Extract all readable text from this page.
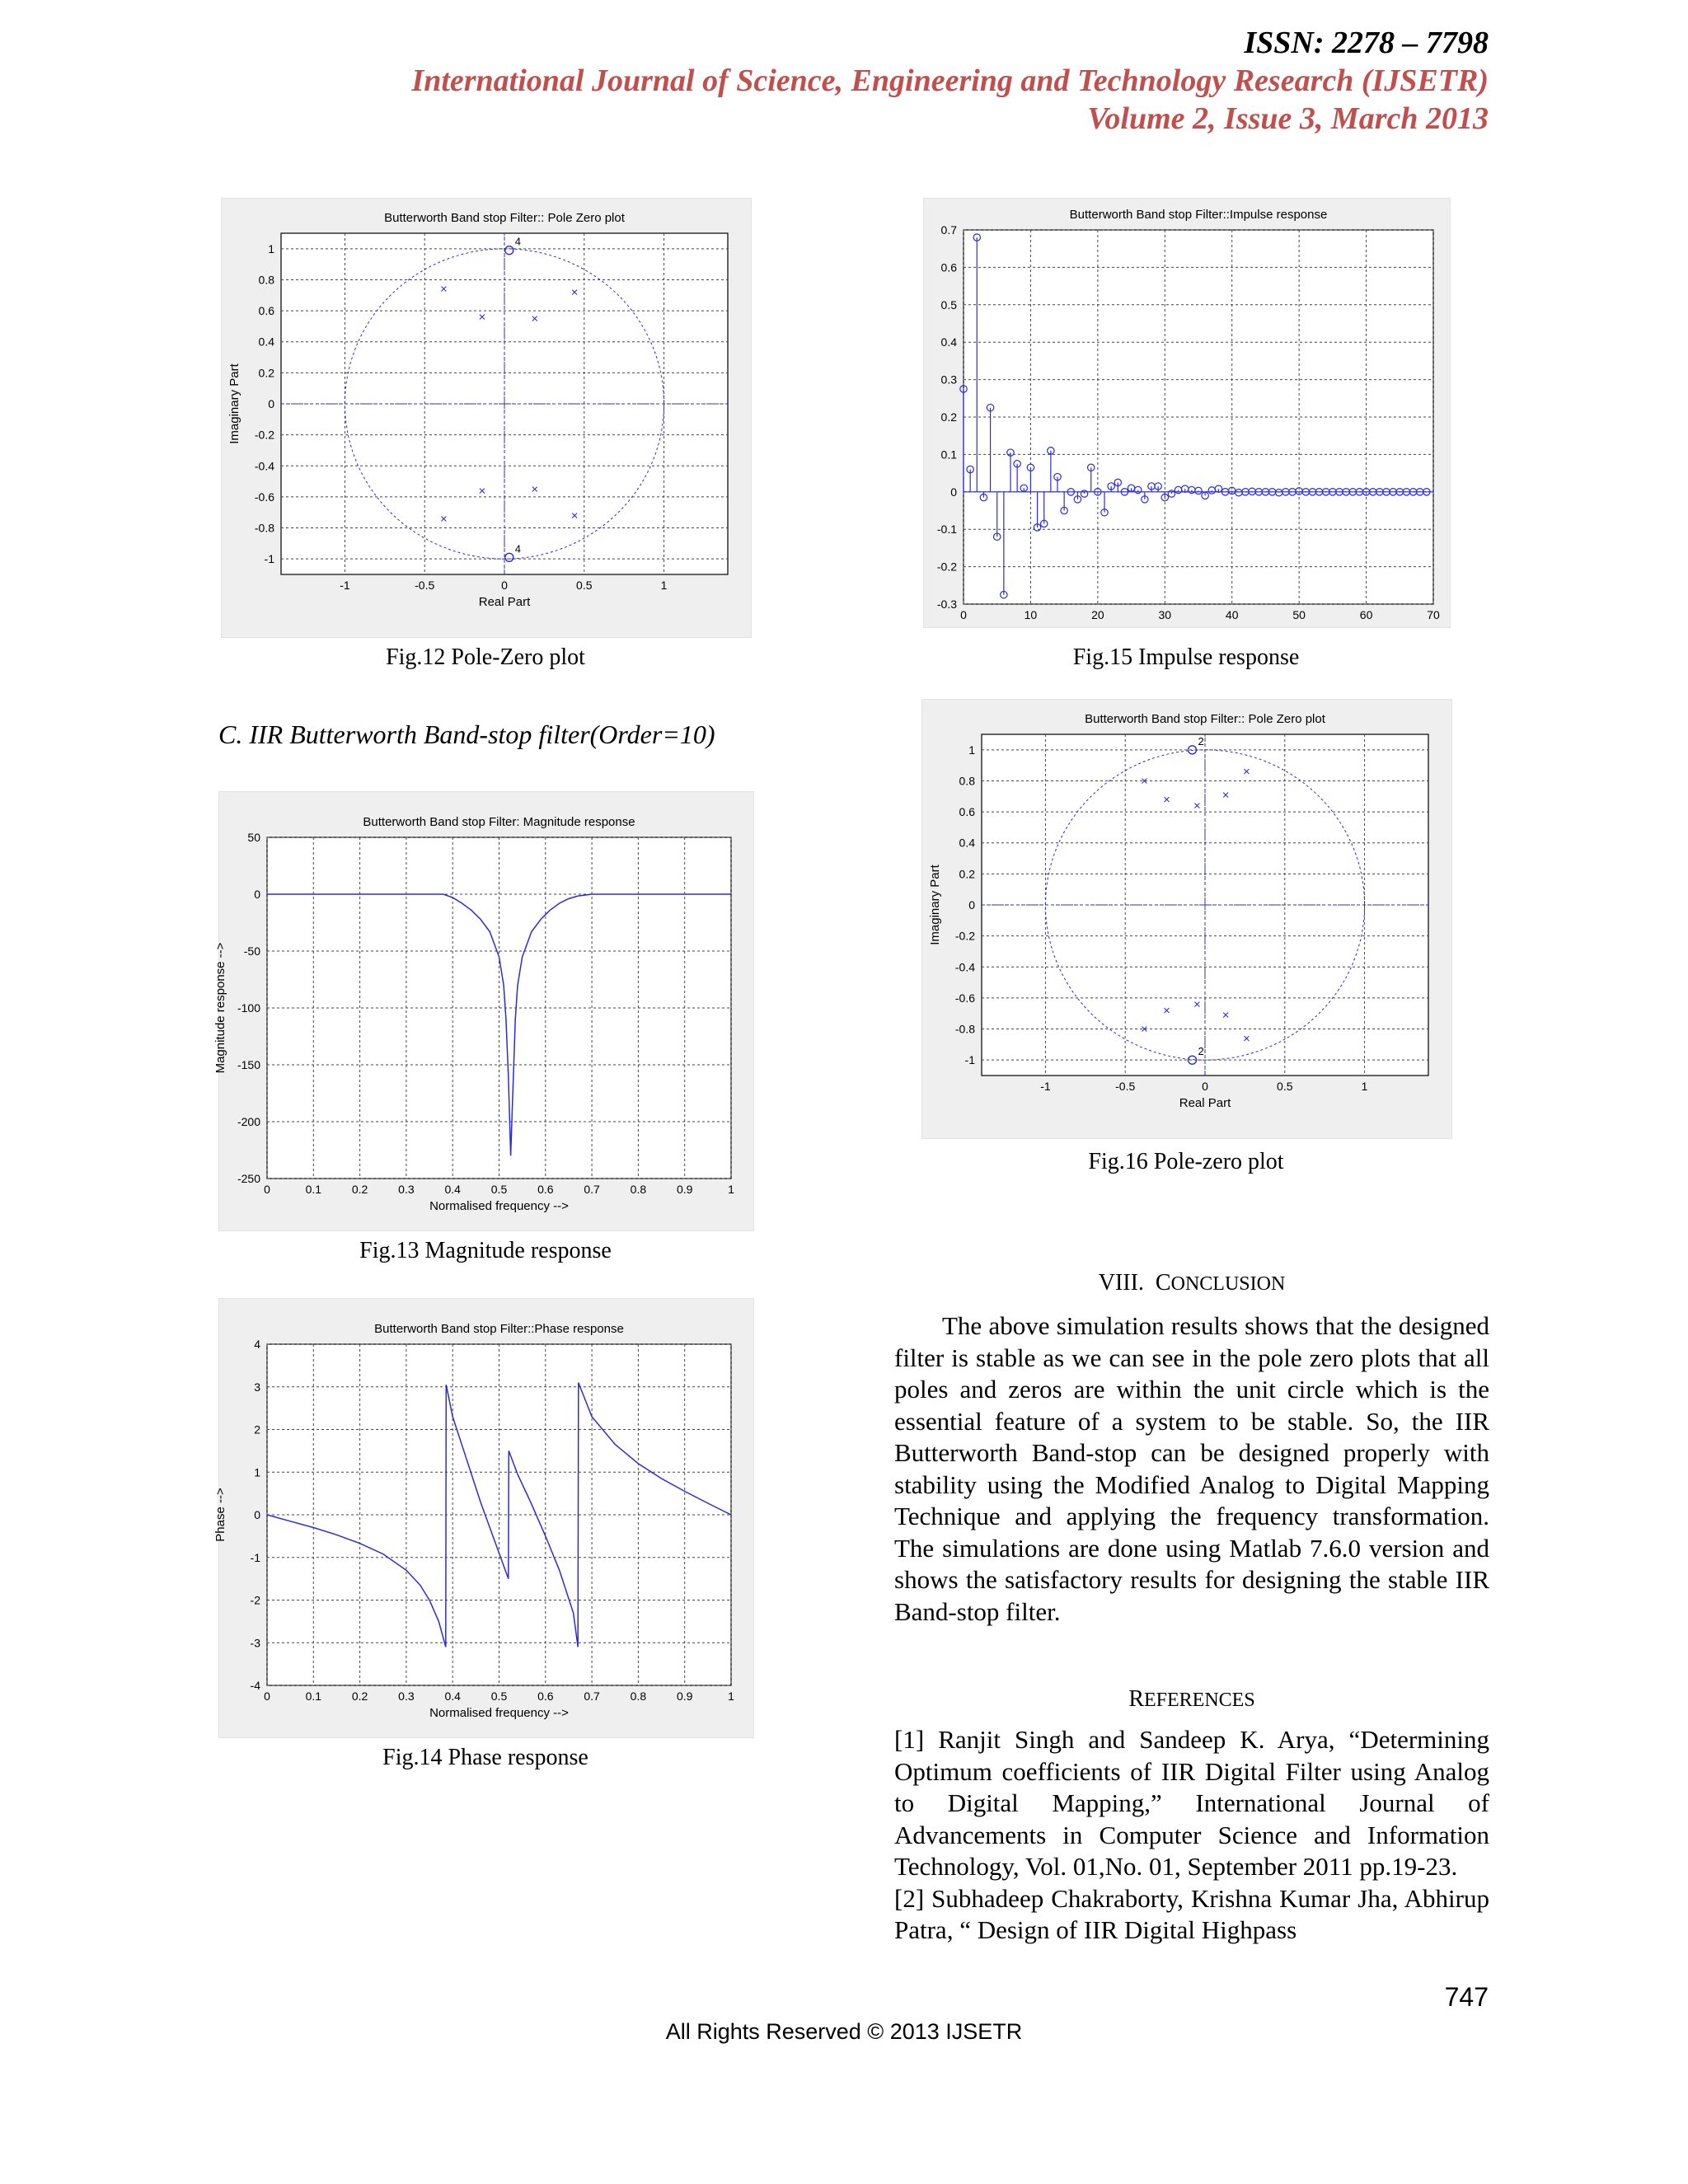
ISSN: 2278 – 7798
International Journal of Science, Engineering and Technology Research (IJSETR)
Volume 2, Issue 3, March 2013
-1	-0.5	0	0.5	1
1
0.8
0.6
0.4
0.2
0
-0.2
-0.4
-0.6
-0.8
-1
Butterworth Band stop Filter:: Pole Zero plot
Real Part
Imaginary Part
4
4
×
×	×
×
×
×	×
×
Fig.12 Pole-Zero plot
0	10	20	30	40	50	60	70
0.7
0.6
0.5
0.4
0.3
0.2
0.1
0
-0.1
-0.2
-0.3
Butterworth Band stop Filter::Impulse response
Fig.15 Impulse response
C. IIR Butterworth Band-stop filter(Order=10)
-1	-0.5	0	0.5	1
1
0.8
0.6
0.4
0.2
0
-0.2
-0.4
-0.6
-0.8
-1
Butterworth Band stop Filter:: Pole Zero plot
Real Part
Imaginary Part
2
2
×
× ×
×
×
×
× ×
×
×
Fig.16 Pole-zero plot
0	0.1	0.2	0.3	0.4	0.5	0.6	0.7	0.8	0.9	1
50
0
-50
-100
-150
-200
-250
Butterworth Band stop Filter: Magnitude response
Normalised frequency -->
Magnitude response -->
Fig.13 Magnitude response
VIII. CONCLUSION

The above simulation results shows that the designed filter is stable as we can see in the pole zero plots that all poles and zeros are within the unit circle which is the essential feature of a system to be stable. So, the IIR Butterworth Band-stop can be designed properly with stability using the Modified Analog to Digital Mapping Technique and applying the frequency transformation. The simulations are done using Matlab 7.6.0 version and shows the satisfactory results for designing the stable IIR Band-stop filter.

0	0.1	0.2	0.3	0.4	0.5	0.6	0.7	0.8	0.9	1
4
3
2
1
0
-1
-2
-3
-4
Butterworth Band stop Filter::Phase response
Normalised frequency -->
Phase -->
Fig.14 Phase response
REFERENCES

[1] Ranjit Singh and Sandeep K. Arya, “Determining Optimum coefficients of IIR Digital Filter using Analog to Digital Mapping,” International Journal of Advancements in Computer Science and Information Technology, Vol. 01,No. 01, September 2011 pp.19-23.

[2] Subhadeep Chakraborty, Krishna Kumar Jha, Abhirup Patra, “ Design of IIR Digital Highpass

747
All Rights Reserved © 2013 IJSETR
